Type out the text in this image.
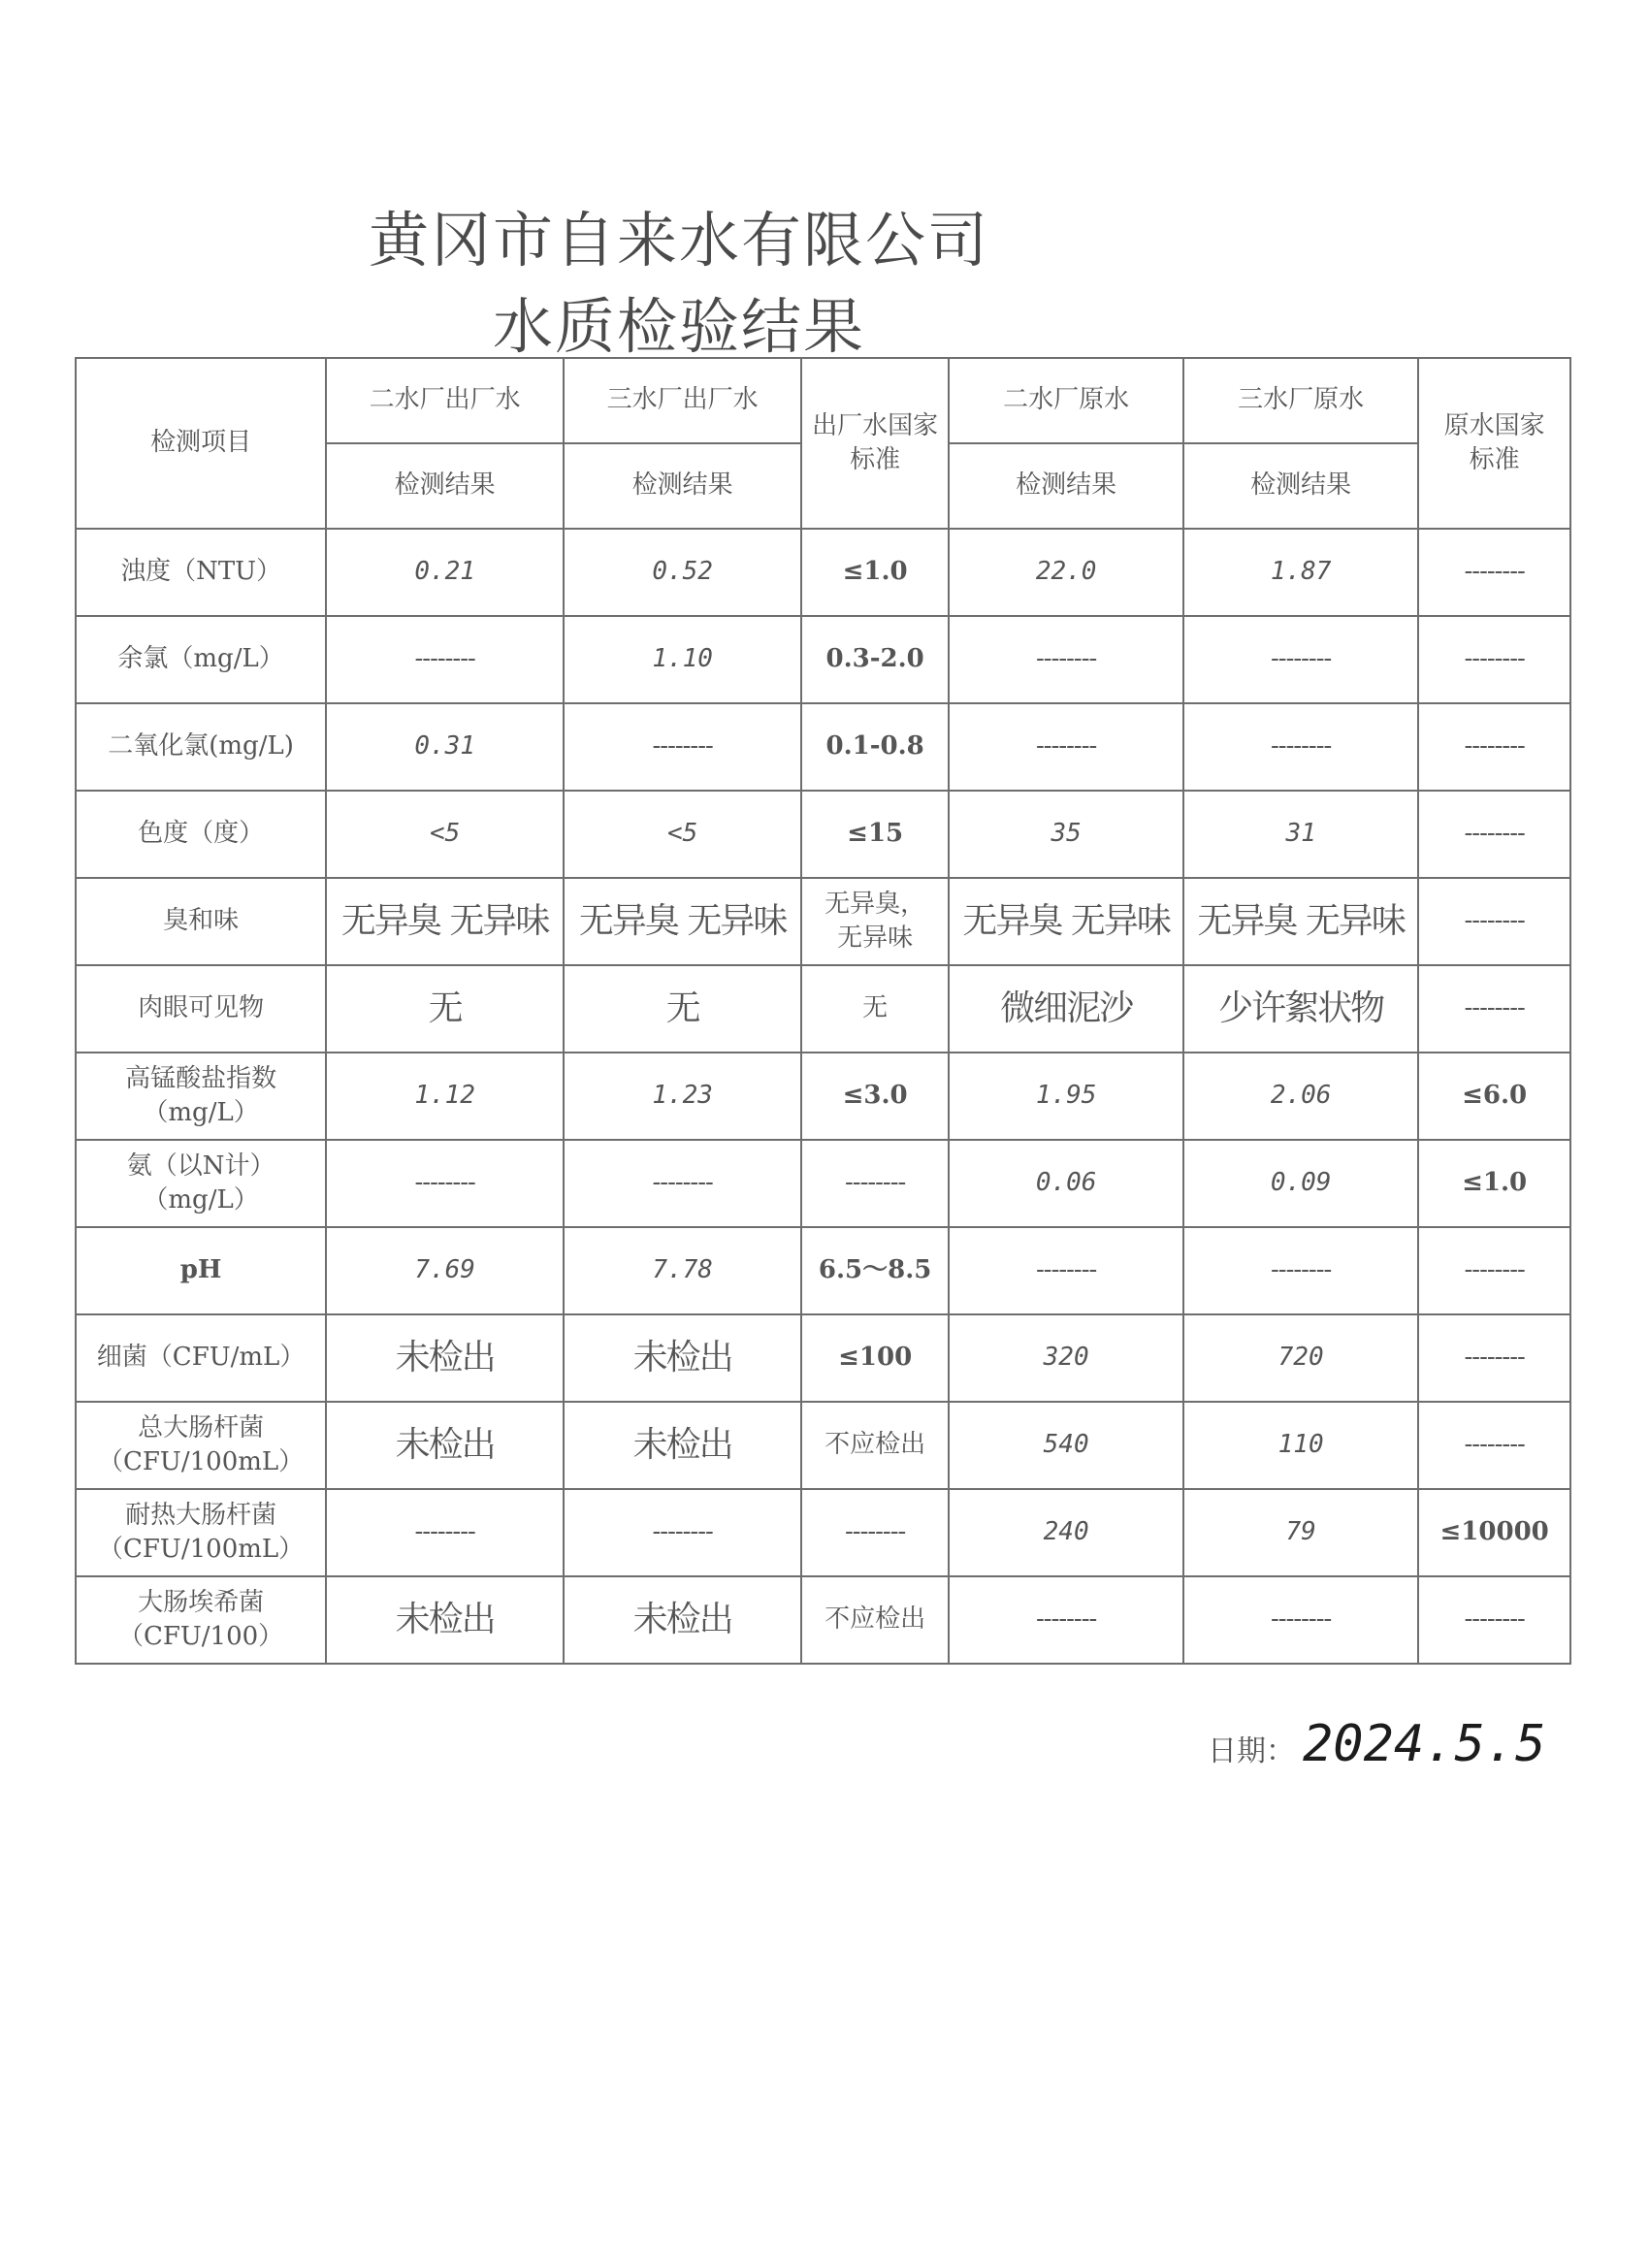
黄冈市自来水有限公司
水质检验结果
检测项目	二水厂出厂水	三水厂出厂水	出厂水国家标准	二水厂原水	三水厂原水	原水国家标准
	检测结果	检测结果		检测结果	检测结果	
浊度（NTU）	0.21	0.52	≤1.0	22.0	1.87	--------
余氯（mg/L）	--------	1.10	0.3-2.0	--------	--------	--------
二氧化氯(mg/L)	0.31	--------	0.1-0.8	--------	--------	--------
色度（度）	<5	<5	≤15	35	31	--------
臭和味	无异臭 无异味	无异臭 无异味	无异臭，无异味	无异臭 无异味	无异臭 无异味	--------
肉眼可见物	无	无	无	微细泥沙	少许絮状物	--------
高锰酸盐指数（mg/L）	1.12	1.23	≤3.0	1.95	2.06	≤6.0
氨（以N计）（mg/L）	--------	--------	--------	0.06	0.09	≤1.0
pH	7.69	7.78	6.5～8.5	--------	--------	--------
细菌（CFU/mL）	未检出	未检出	≤100	320	720	--------
总大肠杆菌（CFU/100mL）	未检出	未检出	不应检出	540	110	--------
耐热大肠杆菌（CFU/100mL）	--------	--------	--------	240	79	≤10000
大肠埃希菌（CFU/100）	未检出	未检出	不应检出	--------	--------	--------
日期： 2024.5.5
